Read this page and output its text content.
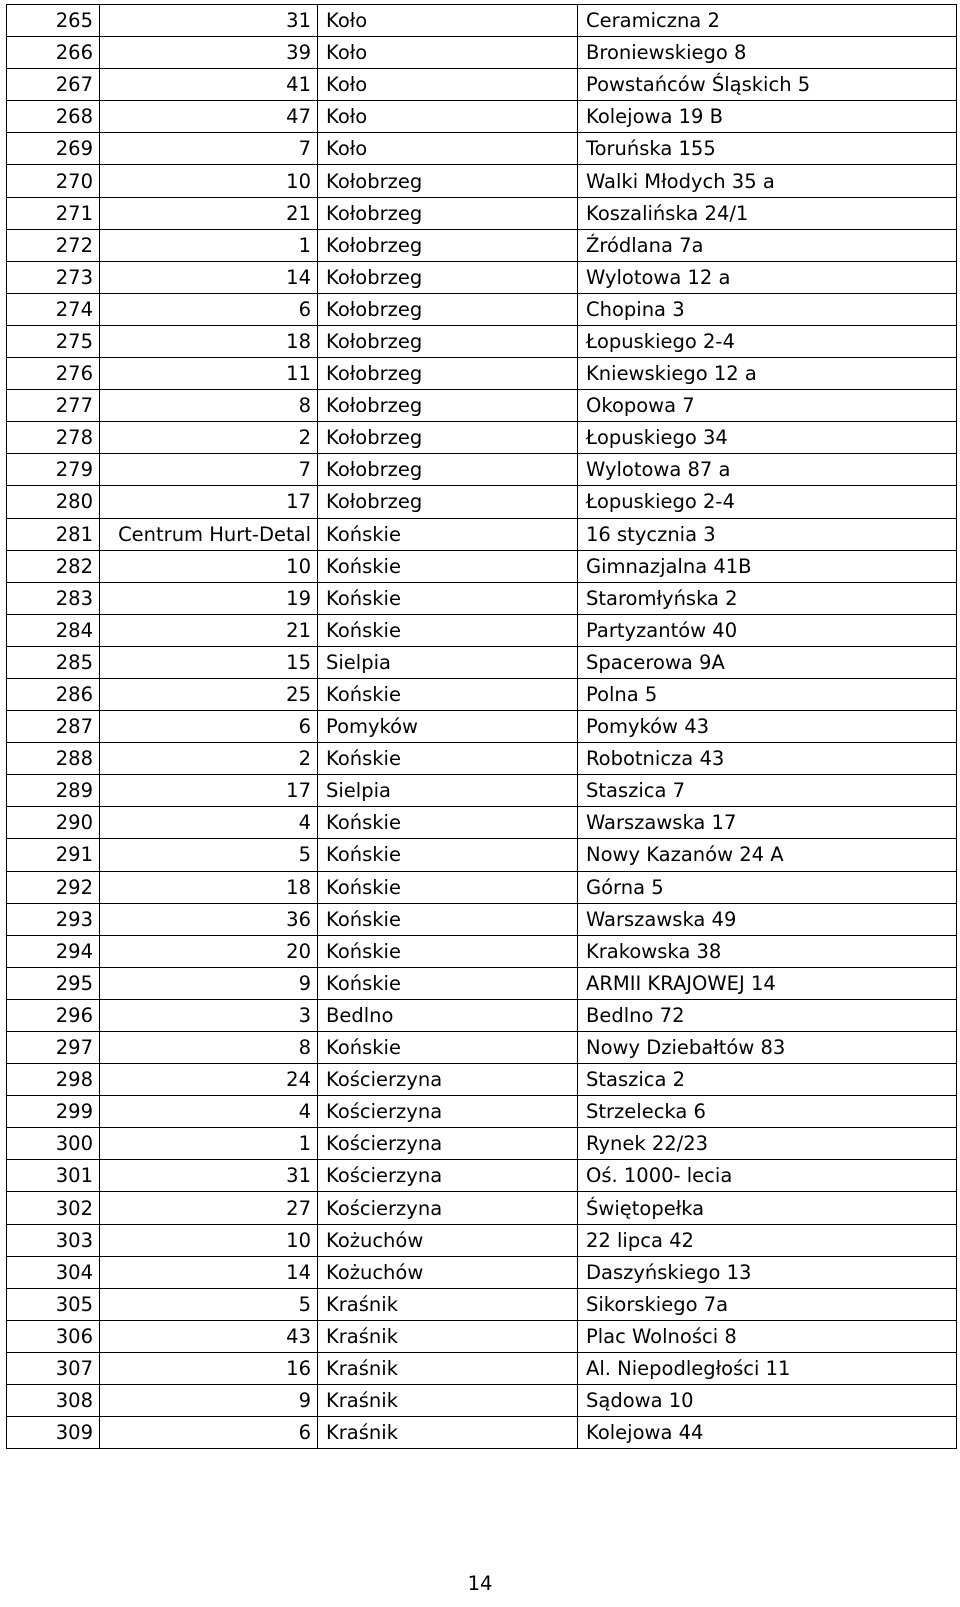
265	31	Koło	Ceramiczna 2
266	39	Koło	Broniewskiego 8
267	41	Koło	Powstańców Śląskich 5
268	47	Koło	Kolejowa 19 B
269	7	Koło	Toruńska 155
270	10	Kołobrzeg	Walki Młodych 35 a
271	21	Kołobrzeg	Koszalińska 24/1
272	1	Kołobrzeg	Źródlana 7a
273	14	Kołobrzeg	Wylotowa 12 a
274	6	Kołobrzeg	Chopina 3
275	18	Kołobrzeg	Łopuskiego 2-4
276	11	Kołobrzeg	Kniewskiego 12 a
277	8	Kołobrzeg	Okopowa 7
278	2	Kołobrzeg	Łopuskiego 34
279	7	Kołobrzeg	Wylotowa 87 a
280	17	Kołobrzeg	Łopuskiego 2-4
281	Centrum Hurt-Detal	Końskie	16 stycznia 3
282	10	Końskie	Gimnazjalna 41B
283	19	Końskie	Staromłyńska 2
284	21	Końskie	Partyzantów 40
285	15	Sielpia	Spacerowa 9A
286	25	Końskie	Polna 5
287	6	Pomyków	Pomyków 43
288	2	Końskie	Robotnicza 43
289	17	Sielpia	Staszica 7
290	4	Końskie	Warszawska 17
291	5	Końskie	Nowy Kazanów 24 A
292	18	Końskie	Górna 5
293	36	Końskie	Warszawska 49
294	20	Końskie	Krakowska 38
295	9	Końskie	ARMII KRAJOWEJ 14
296	3	Bedlno	Bedlno 72
297	8	Końskie	Nowy Dziebałtów 83
298	24	Kościerzyna	Staszica 2
299	4	Kościerzyna	Strzelecka 6
300	1	Kościerzyna	Rynek 22/23
301	31	Kościerzyna	Oś. 1000- lecia
302	27	Kościerzyna	Świętopełka
303	10	Kożuchów	22 lipca 42
304	14	Kożuchów	Daszyńskiego 13
305	5	Kraśnik	Sikorskiego 7a
306	43	Kraśnik	Plac Wolności 8
307	16	Kraśnik	Al. Niepodległości 11
308	9	Kraśnik	Sądowa 10
309	6	Kraśnik	Kolejowa 44
14
